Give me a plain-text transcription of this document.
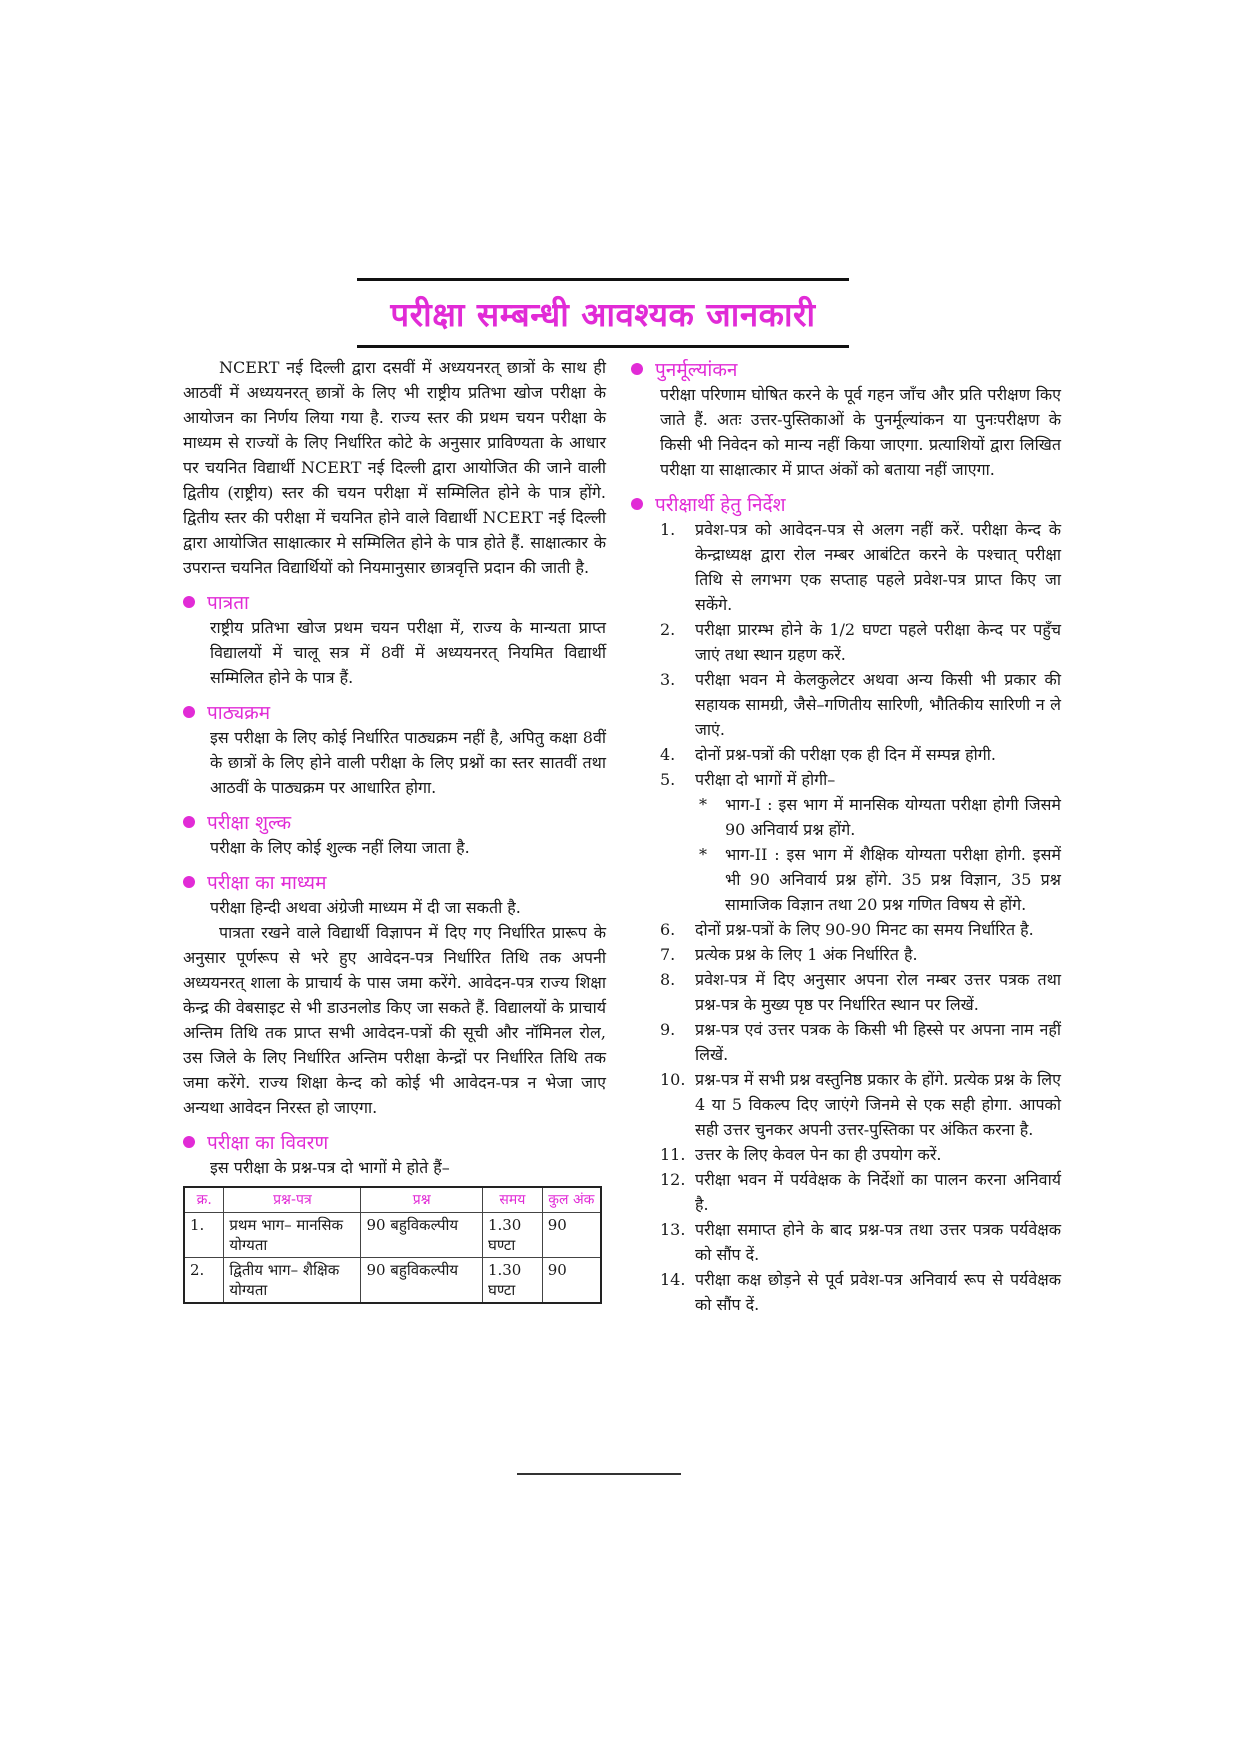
परीक्षा सम्बन्धी आवश्यक जानकारी

NCERT नई दिल्ली द्वारा दसवीं में अध्ययनरत् छात्रों के साथ ही आठवीं में अध्ययनरत् छात्रों के लिए भी राष्ट्रीय प्रतिभा खोज परीक्षा के आयोजन का निर्णय लिया गया है. राज्य स्तर की प्रथम चयन परीक्षा के माध्यम से राज्यों के लिए निर्धारित कोटे के अनुसार प्राविण्यता के आधार पर चयनित विद्यार्थी NCERT नई दिल्ली द्वारा आयोजित की जाने वाली द्वितीय (राष्ट्रीय) स्तर की चयन परीक्षा में सम्मिलित होने के पात्र होंगे. द्वितीय स्तर की परीक्षा में चयनित होने वाले विद्यार्थी NCERT नई दिल्ली द्वारा आयोजित साक्षात्कार मे सम्मिलित होने के पात्र होते हैं. साक्षात्कार के उपरान्त चयनित विद्यार्थियों को नियमानुसार छात्रवृत्ति प्रदान की जाती है.

पात्रता

राष्ट्रीय प्रतिभा खोज प्रथम चयन परीक्षा में, राज्य के मान्यता प्राप्त विद्यालयों में चालू सत्र में 8वीं में अध्ययनरत् नियमित विद्यार्थी सम्मिलित होने के पात्र हैं.

पाठ्यक्रम

इस परीक्षा के लिए कोई निर्धारित पाठ्यक्रम नहीं है, अपितु कक्षा 8वीं के छात्रों के लिए होने वाली परीक्षा के लिए प्रश्नों का स्तर सातवीं तथा आठवीं के पाठ्यक्रम पर आधारित होगा.

परीक्षा शुल्क

परीक्षा के लिए कोई शुल्क नहीं लिया जाता है.

परीक्षा का माध्यम

परीक्षा हिन्दी अथवा अंग्रेजी माध्यम में दी जा सकती है.

पात्रता रखने वाले विद्यार्थी विज्ञापन में दिए गए निर्धारित प्रारूप के अनुसार पूर्णरूप से भरे हुए आवेदन-पत्र निर्धारित तिथि तक अपनी अध्ययनरत् शाला के प्राचार्य के पास जमा करेंगे. आवेदन-पत्र राज्य शिक्षा केन्द्र की वेबसाइट से भी डाउनलोड किए जा सकते हैं. विद्यालयों के प्राचार्य अन्तिम तिथि तक प्राप्त सभी आवेदन-पत्रों की सूची और नॉमिनल रोल, उस जिले के लिए निर्धारित अन्तिम परीक्षा केन्द्रों पर निर्धारित तिथि तक जमा करेंगे. राज्य शिक्षा केन्द को कोई भी आवेदन-पत्र न भेजा जाए अन्यथा आवेदन निरस्त हो जाएगा.

परीक्षा का विवरण

इस परीक्षा के प्रश्न-पत्र दो भागों मे होते हैं–

क्र.	प्रश्न-पत्र	प्रश्न	समय	कुल अंक
1.	प्रथम भाग– मानसिक योग्यता	90 बहुविकल्पीय	1.30 घण्टा	90
2.	द्वितीय भाग– शैक्षिक योग्यता	90 बहुविकल्पीय	1.30 घण्टा	90
पुनर्मूल्यांकन

परीक्षा परिणाम घोषित करने के पूर्व गहन जाँच और प्रति परीक्षण किए जाते हैं. अतः उत्तर-पुस्तिकाओं के पुनर्मूल्यांकन या पुनःपरीक्षण के किसी भी निवेदन को मान्य नहीं किया जाएगा. प्रत्याशियों द्वारा लिखित परीक्षा या साक्षात्कार में प्राप्त अंकों को बताया नहीं जाएगा.

परीक्षार्थी हेतु निर्देश
1.	प्रवेश-पत्र को आवेदन-पत्र से अलग नहीं करें. परीक्षा केन्द के केन्द्राध्यक्ष द्वारा रोल नम्बर आबंटित करने के पश्चात् परीक्षा तिथि से लगभग एक सप्ताह पहले प्रवेश-पत्र प्राप्त किए जा सकेंगे.
2.	परीक्षा प्रारम्भ होने के 1/2 घण्टा पहले परीक्षा केन्द पर पहुँच जाएं तथा स्थान ग्रहण करें.
3.	परीक्षा भवन मे केलकुलेटर अथवा अन्य किसी भी प्रकार की सहायक सामग्री, जैसे–गणितीय सारिणी, भौतिकीय सारिणी न ले जाएं.
4.	दोनों प्रश्न-पत्रों की परीक्षा एक ही दिन में सम्पन्न होगी.
5.	परीक्षा दो भागों में होगी–
*	भाग-I : इस भाग में मानसिक योग्यता परीक्षा होगी जिसमे 90 अनिवार्य प्रश्न होंगे.
*	भाग-II : इस भाग में शैक्षिक योग्यता परीक्षा होगी. इसमें भी 90 अनिवार्य प्रश्न होंगे. 35 प्रश्न विज्ञान, 35 प्रश्न सामाजिक विज्ञान तथा 20 प्रश्न गणित विषय से होंगे.
6.	दोनों प्रश्न-पत्रों के लिए 90-90 मिनट का समय निर्धारित है.
7.	प्रत्येक प्रश्न के लिए 1 अंक निर्धारित है.
8.	प्रवेश-पत्र में दिए अनुसार अपना रोल नम्बर उत्तर पत्रक तथा प्रश्न-पत्र के मुख्य पृष्ठ पर निर्धारित स्थान पर लिखें.
9.	प्रश्न-पत्र एवं उत्तर पत्रक के किसी भी हिस्से पर अपना नाम नहीं लिखें.
10. प्रश्न-पत्र में सभी प्रश्न वस्तुनिष्ठ प्रकार के होंगे. प्रत्येक प्रश्न के लिए 4 या 5 विकल्प दिए जाएंगे जिनमे से एक सही होगा. आपको सही उत्तर चुनकर अपनी उत्तर-पुस्तिका पर अंकित करना है.
11. उत्तर के लिए केवल पेन का ही उपयोग करें.
12. परीक्षा भवन में पर्यवेक्षक के निर्देशों का पालन करना अनिवार्य है.
13. परीक्षा समाप्त होने के बाद प्रश्न-पत्र तथा उत्तर पत्रक पर्यवेक्षक को सौंप दें.
14. परीक्षा कक्ष छोड़ने से पूर्व प्रवेश-पत्र अनिवार्य रूप से पर्यवेक्षक को सौंप दें.
